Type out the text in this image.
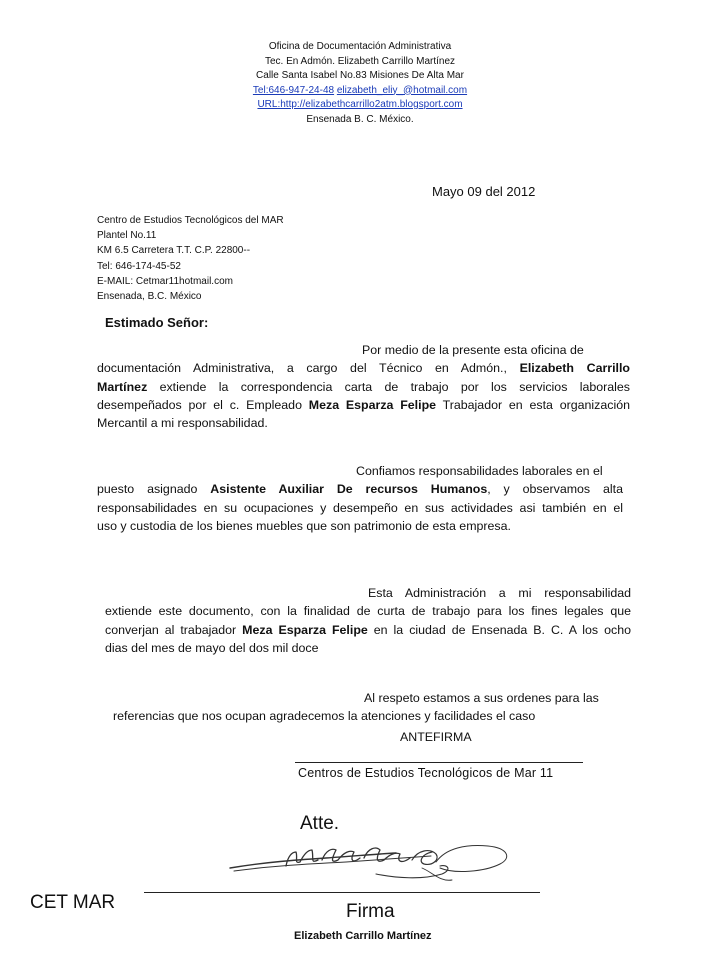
Oficina de Documentación Administrativa
Tec. En Admón. Elizabeth Carrillo Martínez
Calle Santa Isabel No.83 Misiones De Alta Mar
Tel:646-947-24-48 elizabeth_eliy_@hotmail.com
URL:http://elizabethcarrillo2atm.blogsport.com
Ensenada B. C. México.
Mayo 09 del 2012
Centro de Estudios Tecnológicos del MAR
Plantel No.11
KM 6.5 Carretera T.T. C.P. 22800--
Tel: 646-174-45-52
E-MAIL: Cetmar11hotmail.com
Ensenada, B.C. México
Estimado Señor:
Por medio de la presente esta oficina de
documentación Administrativa, a cargo del Técnico en Admón., Elizabeth Carrillo
Martínez extiende la correspondencia carta de trabajo por los servicios laborales
desempeñados por el c. Empleado Meza Esparza Felipe Trabajador en esta organización
Mercantil a mi responsabilidad.
Confiamos responsabilidades laborales en el
puesto asignado Asistente Auxiliar De recursos Humanos, y observamos alta
responsabilidades en su ocupaciones y desempeño en sus actividades asi también en el
uso y custodia de los bienes muebles que son patrimonio de esta empresa.
Esta Administración a mi responsabilidad
extiende este documento, con la finalidad de curta de trabajo para los fines legales que
converjan al trabajador Meza Esparza Felipe en la ciudad de Ensenada B. C. A los ocho
dias del mes de mayo del dos mil doce
Al respeto estamos a sus ordenes para las
referencias que nos ocupan agradecemos la atenciones y facilidades el caso
ANTEFIRMA
Centros de Estudios Tecnológicos de Mar 11
Atte.
CET MAR	Firma
Elizabeth Carrillo Martínez
